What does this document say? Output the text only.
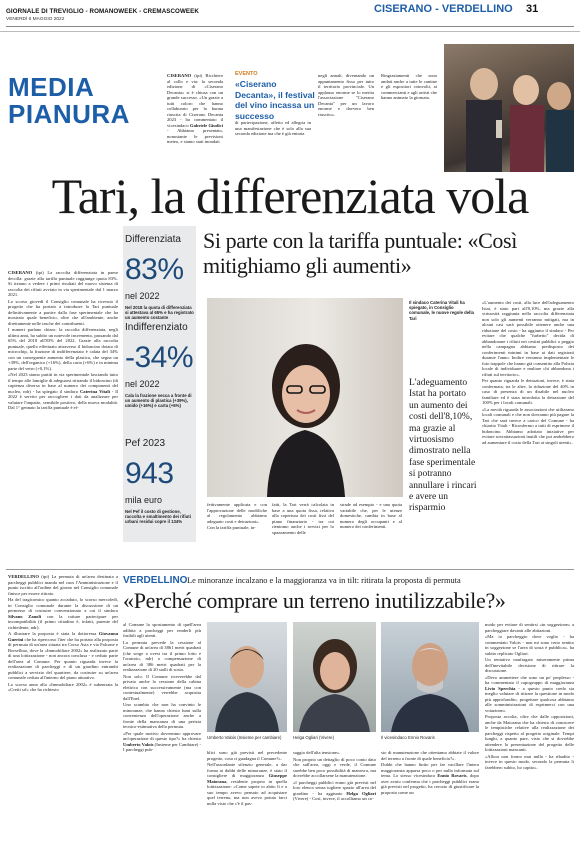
GIORNALE DI TREVIGLIO - ROMANOWEEK - CREMASCOWEEK
VENERDÌ 6 MAGGIO 2022
CISERANO - VERDELLINO 31
MEDIA
PIANURA

CISERANO (tpi) Bicchiere al collo e via: la seconda edizione di «Ciserano Decanta» si è chiusa con un grande successo. «Un grazie a tutti coloro che hanno collaborato per la buona riuscita di Ciserano Decanta 2023 - ha commentato il vicesindaco Gabriele Giudici - Abbiamo presentato, nonostante le previsioni meteo, e siamo stati inondati

EVENTO
«Ciserano Decanta», il festival del vino incassa un successo
di partecipazione, affetto ed allegria in una manifestazione che è solo alla sua seconda edizione ma che è già entrata
negli annali, diventando un appuntamento fisso per tutto il territorio provinciale. Un applauso enorme se lo merita l'associazione "Ciserano Decanta" per un lavoro enorme e davvero ben riuscito».
Ringraziamenti che sono andati anche a tutte le cantine e gli espositori coinvolti, ai commercianti e agli artisti che hanno animato la giornata.
Tari, la differenziata vola
Differenziata
83%
nel 2022
Nel 2018 la quota di differenziata si attestava al 65% e ha registrato un aumento costante
Indifferenziato
-34%
nel 2022
Cala la frazione secca a fronte di un aumento di plastica (+39%), umido (+16%) e carta (+6%)
Pef 2023
943
mila euro
Nel Pef il costo di gestione, raccolta e smaltimento dei rifiuti urbani residui copre il 134%
Si parte con la tariffa puntuale: «Così mitighiamo gli aumenti»
Il sindaco Caterina Vitali ha spiegato, in Consiglio comunale, le nuove regole della Tari
L'adeguamento Istat ha portato un aumento dei costi dell'8,10%, ma grazie al virtuosismo dimostrato nella fase sperimentale si potranno annullare i rincari e avere un risparmio

CISERANO (tpi) La raccolta differenziata in paese decolla: grazie alla tariffa puntuale raggiunge quota 83%. Si riziano a vedere i primi risultati del nuovo sistema di raccolta dei rifiuti avviato in via sperimentale dal 1 marzo 2021.

Lo scorso giovedì il Consiglio comunale ha ricevuto il progetto che ha portato a introdurre la Tari puntuale definitivamente a partire dalla fase sperimentale che ha mostrato quale beneficio, oltre che all'ambiente, anche direttamente nelle tasche dei contribuenti.

I numeri parlano chiaro: la raccolta differenziata, negli ultimi anni, ha subìto un notevole incremento, passando dal 65% del 2018 all'83% del 2022. Grazie alla raccolta puntuale, quello effettuato attraverso il bidoncino dotato di microchip, la frazione di indifferenziato è calata del 34% con un conseguente aumento della plastica, che segna un +39%, dell'organico (+16%), della carta (+6%) e in minima parte del vetro (+0,1%).

«Nel 2023 siamo partiti in via sperimentale lasciando tutto il tempo alle famiglie di adeguarsi ritirando il bidoncino (di capienza diversa in base al numero dei componenti del nucleo, ndr) - ha spiegato il sindaco Caterina Vitali - Il 2022 è servito per raccogliere i dati da analizzare per valutare l'impatto, sensibile positivo, della nuova modalità. Dal 1° gennaio la tariffa puntuale è ef-

fettivamente applicata e con l'approvazione delle modifiche al regolamento abbiamo adeguato costi e detrazioni».

Con la tariffa puntuale, in-

fatti, la Tari verrà calcolata in base a una quota fissa, relativa alla copertura dei costi fissi del piano finanziario - tra cui rientrano anche i servizi per lo spazzamento delle
strade ad esempio - e una quota variabile che, per le utenze domestiche, cambia in base al numero degli occupanti e al numero dei conferimenti.

«L'aumento dei costi, alla luce dell'adeguamento Istat, è stato pari all'8,10%, ma grazie alla virtuosità raggiunta nella raccolta differenziata non solo gli aumenti verranno mitigati, ma in alcuni casi sarà possibile ottenere anche una riduzione del costo - ha aggiunto il sindaco - Per evitare che qualche "furbetto" decida di abbandonare i rifiuti nei cestini pubblici o peggio nella campagna abbiamo predisposto dei conferimenti minimi in base ai dati registrati durante l'anno. Inoltre verranno implementate le foto trappole che hanno già consentito alla Polizia locale di individuare e multare chi abbandona i rifiuti sul territorio».

Per quanto riguarda le detrazioni, invece, è stata confermata, tra le altre, la riduzione del 40% in caso di presenza di un disabile nel nucleo familiare ed è stata introdotta la detrazione del 100% per i locali comunali.

«La novità riguarda le associazioni che utilizzano locali comunali e che non dovranno più pagare la Tari che sarà invece a carico del Comune - ha chiarito Vitali - Riconfermo a tutti di esprimere il bidoncino. Abbiamo adottato iniziative per evitare sovrattassazioni inutili che poi andrebbero ad aumentare il costo della Tari ai singoli utenti».

VERDELLINO Le minoranze incalzano e la maggioranza va in tilt: ritirata la proposta di permuta
«Perché comprare un terreno inutilizzabile?»

VERDELLINO (tpi) La permuta di un'area destinata a parcheggi pubblici manda nel caos l'Amministrazione e il punto iscritto all'ordine del giorno nel Consiglio comunale finisce per essere ritirato.

Ha del tragicomico quanto accaduto, lo scorso mercoledì, in Consiglio comunale durante la discussione di un permesso di costruire convenzionato a cui il sindaco Silvano Zanoli con la rotture partecipare per incompatibilità (il primo cittadino è, infatti, parente del richiedente, ndr).

A illustrare la proposta è stata la dottoressa Giovanna Guerini che ha ripercorso l'iter che ha portato alla proposta di permuta di un'area situata tra Corso Asia e via Falcone e Borsellino, dove la «Immobiliare 2002» ha realizzato parte di una lottizzazione - non ancora conclusa - e ceduto parte dell'area al Comune. Per quanto riguarda invece la realizzazione di parcheggi e di un giardino entrambi pubblici a servizio del quartiere, da costruire su un'area comunale ceduta all'interno del piano attuativo.

Lo scorso anno alla «Immobiliare 2002» è subentrata la «Cretti srl» che ha richiesto

al Comune lo spostamento di quell'area adibita a parcheggi per renderli più fruibili agli utenti.

La permuta prevede la cessione al Comune di un'area di 3861 metri quadrati (che sorge a ovest tra il primo lotto e l'oratorio, ndr) a compensazione di un'area di 386 metri quadrati per la realizzazione di 20 stalli di sosta.

Non solo. Il Comune riceverebbe dal privato anche la cessione della cabina elettrica con successivamente (ma con contestualmente) verrebbe acquisita dall'Enel.

Uno scambio che non ha convinto le minoranze, che hanno chiesto lumi sulla convenienza dell'operazione anche a fronte della mancanza di una perizia tecnico-estimativa della permuta.

«Per quale motivo dovremmo approvare un'operazione di questo tipo?» ha chiesto Umberto Valois (Insieme per Cambiare) - I parcheggi pub-

Umberto Valois (Insieme per cambiare)	Helga Ogliari (Vivere)	Il vicesindaco Ennio Rovaris

blici sono già previsti nel precedente progetto, cosa ci guadagna il Comune?».

Nell'assordante silenzio generale, a dar forma ai dubbi delle minoranze, è stato il consigliere di maggioranza Giuseppe Maiorana, residente proprio in quella lottizzazione: «Come sapete io abito lì e a suo tempo avevo pensato ad acquistare quel terreno, ma non avevo potuto farci nulla visto che c'è il pas-

saggio dell'alta tensione».

Non proprio un dettaglio di poco conto dato che sull'area, oggi e verde, il Comune sarebbe ben poco possibilità di manovra, ma dovrebbe accollarsene la manutenzione.

«I parcheggi pubblici erano già previsti nel loro elenco senza togliere spazio all'area del giardino - ha aggiunto Helga Ogliari (Vivere) - Così, invece, il accolliamo un co-

sto di manutenzione che otteniamo abbiate il valore del terreno a fronte di quale beneficio?».

Dubbi che hanno finito per far vacillare l'intera maggioranza apparsa poco o per nulla informata sul tema. Lo stesso vicesindaco Ennio Rovaris, dopo aver avuto conferma che i parcheggi pubblici erano già previsti nel progetto, ha cercato di giustificare la proposta come un

modo per evitare di sentirsi «in soggezione» a parcheggiare davanti alle abitazioni.

«Ma io parcheggio dove voglio - ha commentato Valois - non mi sono certo sentito in soggezione se l'area di sosta è pubblica». ha subito replicato Ogliari.

Un tentativo naufragato miseramente prima dell'inevitabile decisione di ritirare la discussione.

«Devo ammettere che sono un po' perplesso - ha commentato il capogruppo di maggioranza Livio Sperchia - a questo punto credo sia meglio valutare di ritirare la questione in modo più approfondito, progettare qualcosa abbiamo alle somministrazioni di esprimerci con una votazione».

Proposta accolta, oltre che dalle opposizioni, anche da Maiorana che ha chiesto di conoscere le tempistiche relative alla realizzazione dei parcheggi rispetto al progetto originale. Tempi lunghi, a quanto pare, visto che si dovrebbe attendere la presentazione del progetto delle lottizzazioni mancanti.

«Allora non formo mai nulla - ha ribadito - invece in questo modo, secondo la permuta li farebbero subito, ho capito».
